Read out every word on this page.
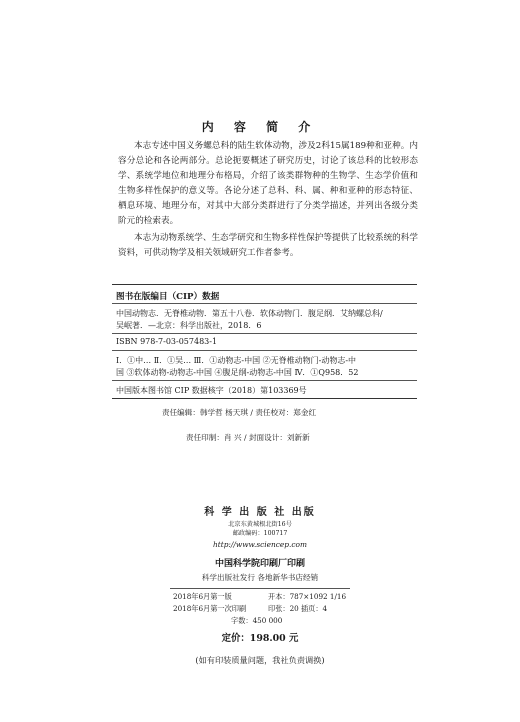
内 容 简 介
本志专述中国义务螺总科的陆生软体动物，涉及2科15属189种和亚种。内容分总论和各论两部分。总论扼要概述了研究历史，讨论了该总科的比较形态学、系统学地位和地理分布格局，介绍了该类群物种的生物学、生态学价值和生物多样性保护的意义等。各论分述了总科、科、属、种和亚种的形态特征、栖息环境、地理分布，对其中大部分类群进行了分类学描述，并列出各级分类阶元的检索表。
本志为动物系统学、生态学研究和生物多样性保护等提供了比较系统的科学资料，可供动物学及相关领域研究工作者参考。
图书在版编目（CIP）数据
中国动物志．无脊椎动物．第五十八卷．软体动物门．腹足纲．艾纳螺总科/
吴岷著．—北京：科学出版社，2018．6
ISBN 978-7-03-057483-1
Ⅰ．①中… Ⅱ．①吴… Ⅲ．①动物志-中国 ②无脊椎动物门-动物志-中
国 ③软体动物-动物志-中国 ④腹足纲-动物志-中国 Ⅳ．①Q958．52
中国版本图书馆 CIP 数据核字（2018）第103369号
责任编辑：韩学哲 杨天琪 / 责任校对：郑金红
责任印制：肖 兴 / 封面设计：刘新新
科 学 出 版 社 出版
北京东黄城根北街16号
邮政编码：100717
http://www.sciencep.com
中国科学院印刷厂印刷
科学出版社发行 各地新华书店经销
2018年6月第一版	开本：787×1092 1/16
2018年6月第一次印刷	印张：20 插页：4
字数：450 000
定价：198.00 元
(如有印装质量问题，我社负责调换)
